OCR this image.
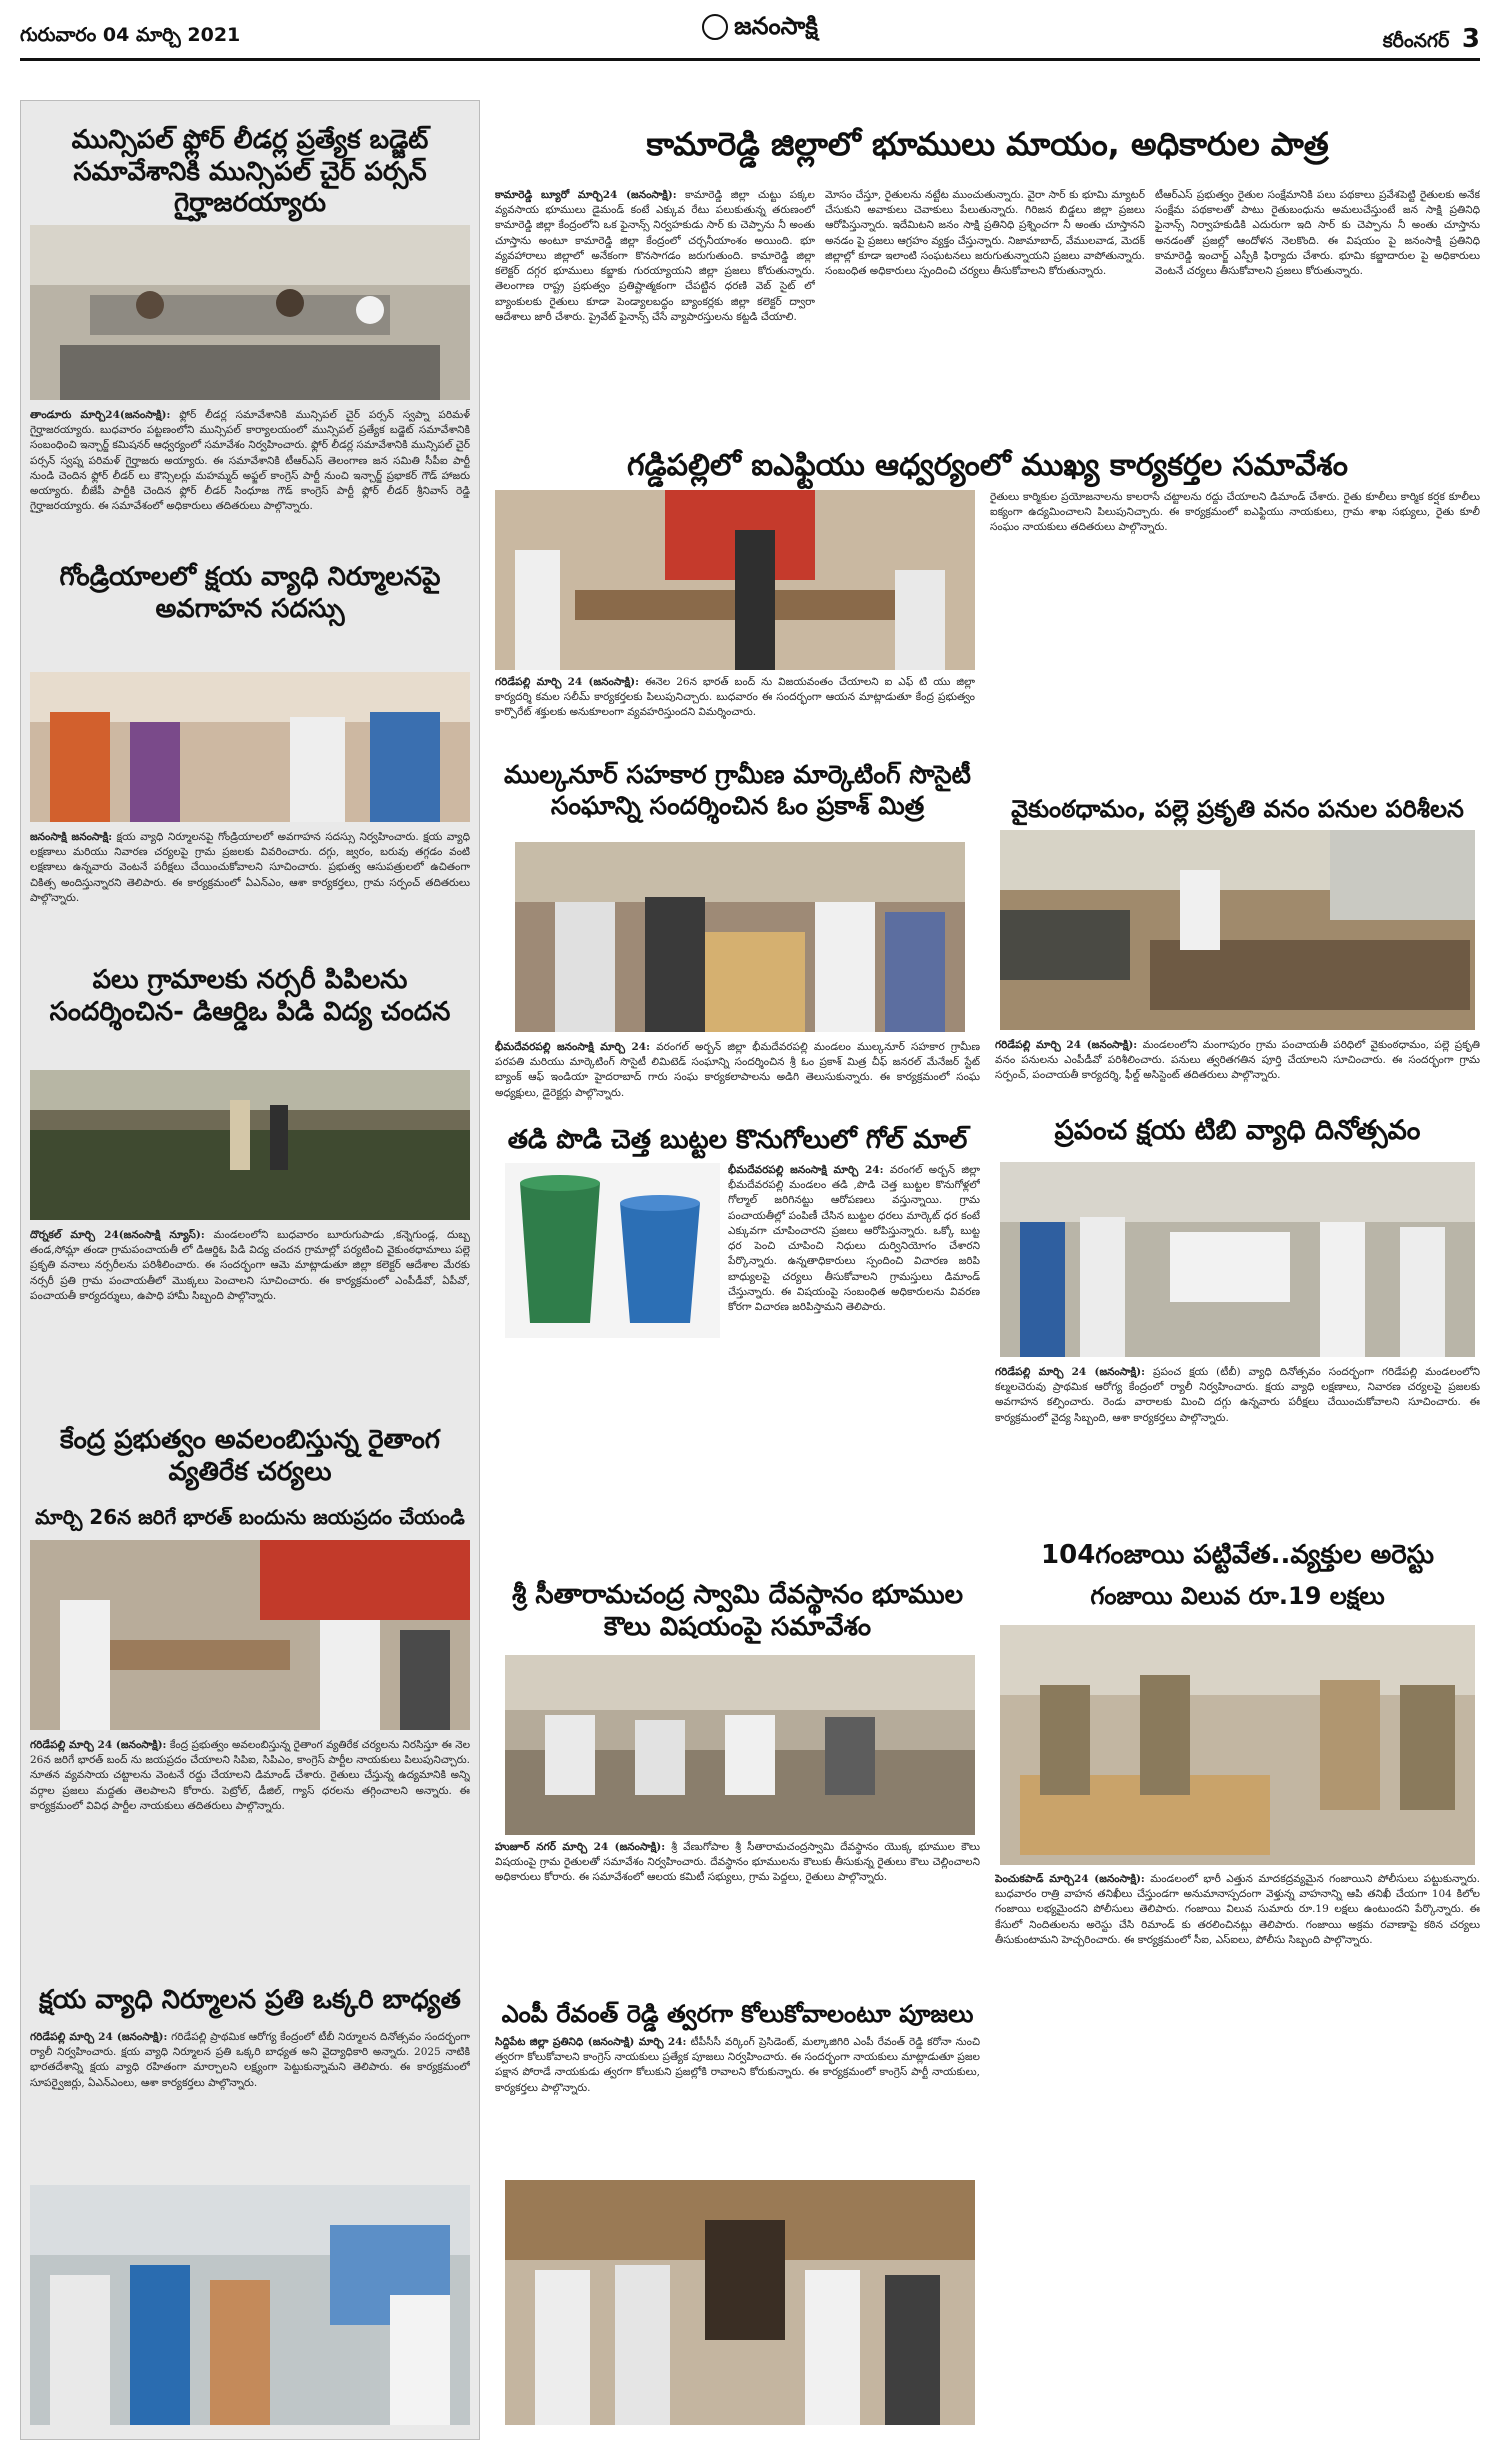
గురువారం 04 మార్చి 2021	జనంసాక్షి
కరీంనగర్ 3
మున్సిపల్ ఫ్లోర్ లీడర్ల ప్రత్యేక బడ్జెట్ సమావేశానికి మున్సిపల్ చైర్ పర్సన్ గైర్హాజరయ్యారు
తాండూరు మార్చి24(జనంసాక్షి): ఫ్లోర్ లీడర్ల సమావేశానికి మున్సిపల్ చైర్ పర్సన్ స్వప్నా పరిమళ్ గైర్హాజరయ్యారు. బుధవారం పట్టణంలోని మున్సిపల్ కార్యాలయంలో మున్సిపల్ ప్రత్యేక బడ్జెట్ సమావేశానికి సంబంధించి ఇన్చార్జ్ కమిషనర్ ఆధ్వర్యంలో సమావేశం నిర్వహించారు. ఫ్లోర్ లీడర్ల సమావేశానికి మున్సిపల్ చైర్ పర్సన్ స్వప్న పరిమళ్ గైర్హాజరు అయ్యారు. ఈ సమావేశానికి టీఆర్ఎస్ తెలంగాణ జన సమితి సీపీఐ పార్టీ నుండి చెందిన ఫ్లోర్ లీడర్ లు కౌన్సిలర్లు మహమ్మద్ అఫ్జల్ కాంగ్రెస్ పార్టీ నుంచి ఇన్చార్జ్ ప్రభాకర్ గౌడ్ హాజరు అయ్యారు. బీజేపీ పార్టీకి చెందిన ఫ్లోర్ లీడర్ సింధూజ గౌడ్ కాంగ్రెస్ పార్టీ ఫ్లోర్ లీడర్ శ్రీనివాస్ రెడ్డి గైర్హాజరయ్యారు. ఈ సమావేశంలో అధికారులు తదితరులు పాల్గొన్నారు.
గోండ్రియాలలో క్షయ వ్యాధి నిర్మూలనపై అవగాహన సదస్సు
జనంసాక్షి జనంసాక్షి: క్షయ వ్యాధి నిర్మూలనపై గోండ్రియాలలో అవగాహన సదస్సు నిర్వహించారు. క్షయ వ్యాధి లక్షణాలు మరియు నివారణ చర్యలపై గ్రామ ప్రజలకు వివరించారు. దగ్గు, జ్వరం, బరువు తగ్గడం వంటి లక్షణాలు ఉన్నవారు వెంటనే పరీక్షలు చేయించుకోవాలని సూచించారు. ప్రభుత్వ ఆసుపత్రులలో ఉచితంగా చికిత్స అందిస్తున్నారని తెలిపారు. ఈ కార్యక్రమంలో ఏఎన్ఎం, ఆశా కార్యకర్తలు, గ్రామ సర్పంచ్ తదితరులు పాల్గొన్నారు.
పలు గ్రామాలకు నర్సరీ పిపిలను సందర్శించిన- డిఆర్డిఒ పిడి విద్య చందన
దొర్నకల్ మార్చి 24(జనంసాక్షి న్యూస్): మండలంలోని బుధవారం బూరుగుపాడు ,కన్నెగుండ్ల, దుబ్బ తండ,సోమ్లా తండా గ్రామపంచాయతీ లో డిఆర్డిఓ పిడి విద్య చందన గ్రామాల్లో పర్యటించి వైకుంఠధామాలు పల్లె ప్రకృతి వనాలు నర్సరీలను పరిశీలించారు. ఈ సందర్భంగా ఆమె మాట్లాడుతూ జిల్లా కలెక్టర్ ఆదేశాల మేరకు నర్సరీ ప్రతి గ్రామ పంచాయతీలో మొక్కలు పెంచాలని సూచించారు. ఈ కార్యక్రమంలో ఎంపీడీవో, ఏపీవో, పంచాయతీ కార్యదర్శులు, ఉపాధి హామీ సిబ్బంది పాల్గొన్నారు.
కేంద్ర ప్రభుత్వం అవలంబిస్తున్న రైతాంగ వ్యతిరేక చర్యలు
మార్చి 26న జరిగే భారత్ బందును జయప్రదం చేయండి
గరిడేపల్లి మార్చి 24 (జనంసాక్షి): కేంద్ర ప్రభుత్వం అవలంబిస్తున్న రైతాంగ వ్యతిరేక చర్యలను నిరసిస్తూ ఈ నెల 26న జరిగే భారత్ బంద్ ను జయప్రదం చేయాలని సిపిఐ, సిపిఎం, కాంగ్రెస్ పార్టీల నాయకులు పిలుపునిచ్చారు. నూతన వ్యవసాయ చట్టాలను వెంటనే రద్దు చేయాలని డిమాండ్ చేశారు. రైతులు చేస్తున్న ఉద్యమానికి అన్ని వర్గాల ప్రజలు మద్దతు తెలపాలని కోరారు. పెట్రోల్, డీజిల్, గ్యాస్ ధరలను తగ్గించాలని అన్నారు. ఈ కార్యక్రమంలో వివిధ పార్టీల నాయకులు తదితరులు పాల్గొన్నారు.
క్షయ వ్యాధి నిర్మూలన ప్రతి ఒక్కరి బాధ్యత
గరిడేపల్లి మార్చి 24 (జనంసాక్షి): గరిడేపల్లి ప్రాథమిక ఆరోగ్య కేంద్రంలో టీబీ నిర్మూలన దినోత్సవం సందర్భంగా ర్యాలీ నిర్వహించారు. క్షయ వ్యాధి నిర్మూలన ప్రతి ఒక్కరి బాధ్యత అని వైద్యాధికారి అన్నారు. 2025 నాటికి భారతదేశాన్ని క్షయ వ్యాధి రహితంగా మార్చాలని లక్ష్యంగా పెట్టుకున్నామని తెలిపారు. ఈ కార్యక్రమంలో సూపర్వైజర్లు, ఏఎన్ఎంలు, ఆశా కార్యకర్తలు పాల్గొన్నారు.
కామారెడ్డి జిల్లాలో భూములు మాయం, అధికారుల పాత్ర
కామారెడ్డి బ్యూరో మార్చి24 (జనంసాక్షి): కామారెడ్డి జిల్లా చుట్టు పక్కల వ్యవసాయ భూములు డైమండ్ కంటే ఎక్కువ రేటు పలుకుతున్న తరుణంలో కామారెడ్డి జిల్లా కేంద్రంలోని ఒక ఫైనాన్స్ నిర్వహకుడు సార్ కు చెప్పాను నీ అంతు చూస్తాను అంటూ కామారెడ్డి జిల్లా కేంద్రంలో చర్చనీయాంశం అయింది. భూ వ్యవహారాలు జిల్లాలో అనేకంగా కొనసాగడం జరుగుతుంది. కామారెడ్డి జిల్లా కలెక్టర్ దగ్గర భూములు కబ్జాకు గురయ్యాయని జిల్లా ప్రజలు కోరుతున్నారు. తెలంగాణ రాష్ట్ర ప్రభుత్వం ప్రతిష్టాత్మకంగా చేపట్టిన ధరణి వెబ్ సైట్ లో బ్యాంకులకు రైతులు కూడా పెండ్యాలబద్ధం బ్యాంకర్లకు జిల్లా కలెక్టర్ ద్వారా ఆదేశాలు జారీ చేశారు. ప్రైవేట్ ఫైనాన్స్ చేసే వ్యాపారస్తులను కట్టడి చేయాలి.
మోసం చేస్తూ, రైతులను నట్టేట ముంచుతున్నారు. వైరా సార్ కు భూమి మ్యాటర్ చేసుకుని అవాకులు చెవాకులు పేలుతున్నారు. గిరిజన బిడ్డలు జిల్లా ప్రజలు ఆరోపిస్తున్నారు. ఇదేమిటని జనం సాక్షి ప్రతినిధి ప్రశ్నించగా నీ అంతు చూస్తానని అనడం పై ప్రజలు ఆగ్రహం వ్యక్తం చేస్తున్నారు. నిజామాబాద్, వేములవాడ, మెదక్ జిల్లాల్లో కూడా ఇలాంటి సంఘటనలు జరుగుతున్నాయని ప్రజలు వాపోతున్నారు. సంబంధిత అధికారులు స్పందించి చర్యలు తీసుకోవాలని కోరుతున్నారు.
టీఆర్ఎస్ ప్రభుత్వం రైతుల సంక్షేమానికి పలు పథకాలు ప్రవేశపెట్టి రైతులకు అనేక సంక్షేమ పథకాలతో పాటు రైతుబంధును అమలుచేస్తుంటే జన సాక్షి ప్రతినిధి ఫైనాన్స్ నిర్వాహకుడికి ఎదురుగా ఇది సార్ కు చెప్పాను నీ అంతు చూస్తాను అనడంతో ప్రజల్లో ఆందోళన నెలకొంది. ఈ విషయం పై జనంసాక్షి ప్రతినిధి కామారెడ్డి ఇంచార్జ్ ఎస్పీకి ఫిర్యాదు చేశారు. భూమి కబ్జాదారుల పై అధికారులు వెంటనే చర్యలు తీసుకోవాలని ప్రజలు కోరుతున్నారు.
గడ్డిపల్లిలో ఐఎఫ్టియు ఆధ్వర్యంలో ముఖ్య కార్యకర్తల సమావేశం
గరిడేపల్లి మార్చి 24 (జనంసాక్షి): ఈనెల 26న భారత్ బంద్ ను విజయవంతం చేయాలని ఐ ఎఫ్ టి యు జిల్లా కార్యదర్శి కమల సలీమ్ కార్యకర్తలకు పిలుపునిచ్చారు. బుధవారం ఈ సందర్భంగా ఆయన మాట్లాడుతూ కేంద్ర ప్రభుత్వం కార్పొరేట్ శక్తులకు అనుకూలంగా వ్యవహరిస్తుందని విమర్శించారు.
రైతులు కార్మికుల ప్రయోజనాలను కాలరాసే చట్టాలను రద్దు చేయాలని డిమాండ్ చేశారు. రైతు కూలీలు కార్మిక కర్షక కూలీలు ఐక్యంగా ఉద్యమించాలని పిలుపునిచ్చారు. ఈ కార్యక్రమంలో ఐఎఫ్టియు నాయకులు, గ్రామ శాఖ సభ్యులు, రైతు కూలీ సంఘం నాయకులు తదితరులు పాల్గొన్నారు.
ముల్కనూర్ సహకార గ్రామీణ మార్కెటింగ్ సొసైటీ సంఘాన్ని సందర్శించిన ఓం ప్రకాశ్ మిత్ర
భీమదేవరపల్లి జనంసాక్షి మార్చి 24: వరంగల్ అర్బన్ జిల్లా భీమదేవరపల్లి మండలం ముల్కనూర్ సహకార గ్రామీణ పరపతి మరియు మార్కెటింగ్ సొసైటీ లిమిటెడ్ సంఘాన్ని సందర్శించిన శ్రీ ఓం ప్రకాశ్ మిత్ర చీఫ్ జనరల్ మేనేజర్ స్టేట్ బ్యాంక్ ఆఫ్ ఇండియా హైదరాబాద్ గారు సంఘ కార్యకలాపాలను అడిగి తెలుసుకున్నారు. ఈ కార్యక్రమంలో సంఘ అధ్యక్షులు, డైరెక్టర్లు పాల్గొన్నారు.
తడి పొడి చెత్త బుట్టల కొనుగోలులో గోల్ మాల్
భీమదేవరపల్లి జనంసాక్షి మార్చి 24: వరంగల్ అర్బన్ జిల్లా భీమదేవరపల్లి మండలం తడి ,పొడి చెత్త బుట్టల కొనుగోళ్లలో గోల్మాల్ జరిగినట్టు ఆరోపణలు వస్తున్నాయి. గ్రామ పంచాయతీల్లో పంపిణీ చేసిన బుట్టల ధరలు మార్కెట్ ధర కంటే ఎక్కువగా చూపించారని ప్రజలు ఆరోపిస్తున్నారు. ఒక్కో బుట్ట ధర పెంచి చూపించి నిధులు దుర్వినియోగం చేశారని పేర్కొన్నారు. ఉన్నతాధికారులు స్పందించి విచారణ జరిపి బాధ్యులపై చర్యలు తీసుకోవాలని గ్రామస్తులు డిమాండ్ చేస్తున్నారు. ఈ విషయంపై సంబంధిత అధికారులను వివరణ కోరగా విచారణ జరిపిస్తామని తెలిపారు.
శ్రీ సీతారామచంద్ర స్వామి దేవస్థానం భూముల కౌలు విషయంపై సమావేశం
హుజూర్ నగర్ మార్చి 24 (జనంసాక్షి): శ్రీ వేణుగోపాల శ్రీ సీతారామచంద్రస్వామి దేవస్థానం యొక్క భూముల కౌలు విషయంపై గ్రామ రైతులతో సమావేశం నిర్వహించారు. దేవస్థానం భూములను కౌలుకు తీసుకున్న రైతులు కౌలు చెల్లించాలని అధికారులు కోరారు. ఈ సమావేశంలో ఆలయ కమిటీ సభ్యులు, గ్రామ పెద్దలు, రైతులు పాల్గొన్నారు.
ఎంపీ రేవంత్ రెడ్డి త్వరగా కోలుకోవాలంటూ పూజలు
సిద్దిపేట జిల్లా ప్రతినిధి (జనంసాక్షి) మార్చి 24: టీపీసీసీ వర్కింగ్ ప్రెసిడెంట్, మల్కాజిగిరి ఎంపీ రేవంత్ రెడ్డి కరోనా నుంచి త్వరగా కోలుకోవాలని కాంగ్రెస్ నాయకులు ప్రత్యేక పూజలు నిర్వహించారు. ఈ సందర్భంగా నాయకులు మాట్లాడుతూ ప్రజల పక్షాన పోరాడే నాయకుడు త్వరగా కోలుకుని ప్రజల్లోకి రావాలని కోరుకున్నారు. ఈ కార్యక్రమంలో కాంగ్రెస్ పార్టీ నాయకులు, కార్యకర్తలు పాల్గొన్నారు.
వైకుంఠధామం, పల్లె ప్రకృతి వనం పనుల పరిశీలన
గరిడేపల్లి మార్చి 24 (జనంసాక్షి): మండలంలోని మంగాపురం గ్రామ పంచాయతీ పరిధిలో వైకుంఠధామం, పల్లె ప్రకృతి వనం పనులను ఎంపీడీవో పరిశీలించారు. పనులు త్వరితగతిన పూర్తి చేయాలని సూచించారు. ఈ సందర్భంగా గ్రామ సర్పంచ్, పంచాయతీ కార్యదర్శి, ఫీల్డ్ అసిస్టెంట్ తదితరులు పాల్గొన్నారు.
ప్రపంచ క్షయ టిబి వ్యాధి దినోత్సవం
గరిడేపల్లి మార్చి 24 (జనంసాక్షి): ప్రపంచ క్షయ (టీబీ) వ్యాధి దినోత్సవం సందర్భంగా గరిడేపల్లి మండలంలోని కల్మలచెరువు ప్రాథమిక ఆరోగ్య కేంద్రంలో ర్యాలీ నిర్వహించారు. క్షయ వ్యాధి లక్షణాలు, నివారణ చర్యలపై ప్రజలకు అవగాహన కల్పించారు. రెండు వారాలకు మించి దగ్గు ఉన్నవారు పరీక్షలు చేయించుకోవాలని సూచించారు. ఈ కార్యక్రమంలో వైద్య సిబ్బంది, ఆశా కార్యకర్తలు పాల్గొన్నారు.
104గంజాయి పట్టివేత..వ్యక్తుల అరెస్టు
గంజాయి విలువ రూ.19 లక్షలు
పెంచుకపాడ్ మార్చి24 (జనంసాక్షి): మండలంలో భారీ ఎత్తున మాదకద్రవ్యమైన గంజాయిని పోలీసులు పట్టుకున్నారు. బుధవారం రాత్రి వాహన తనిఖీలు చేస్తుండగా అనుమానాస్పదంగా వెళ్తున్న వాహనాన్ని ఆపి తనిఖీ చేయగా 104 కిలోల గంజాయి లభ్యమైందని పోలీసులు తెలిపారు. గంజాయి విలువ సుమారు రూ.19 లక్షలు ఉంటుందని పేర్కొన్నారు. ఈ కేసులో నిందితులను అరెస్టు చేసి రిమాండ్ కు తరలించినట్లు తెలిపారు. గంజాయి అక్రమ రవాణాపై కఠిన చర్యలు తీసుకుంటామని హెచ్చరించారు. ఈ కార్యక్రమంలో సీఐ, ఎస్ఐలు, పోలీసు సిబ్బంది పాల్గొన్నారు.
